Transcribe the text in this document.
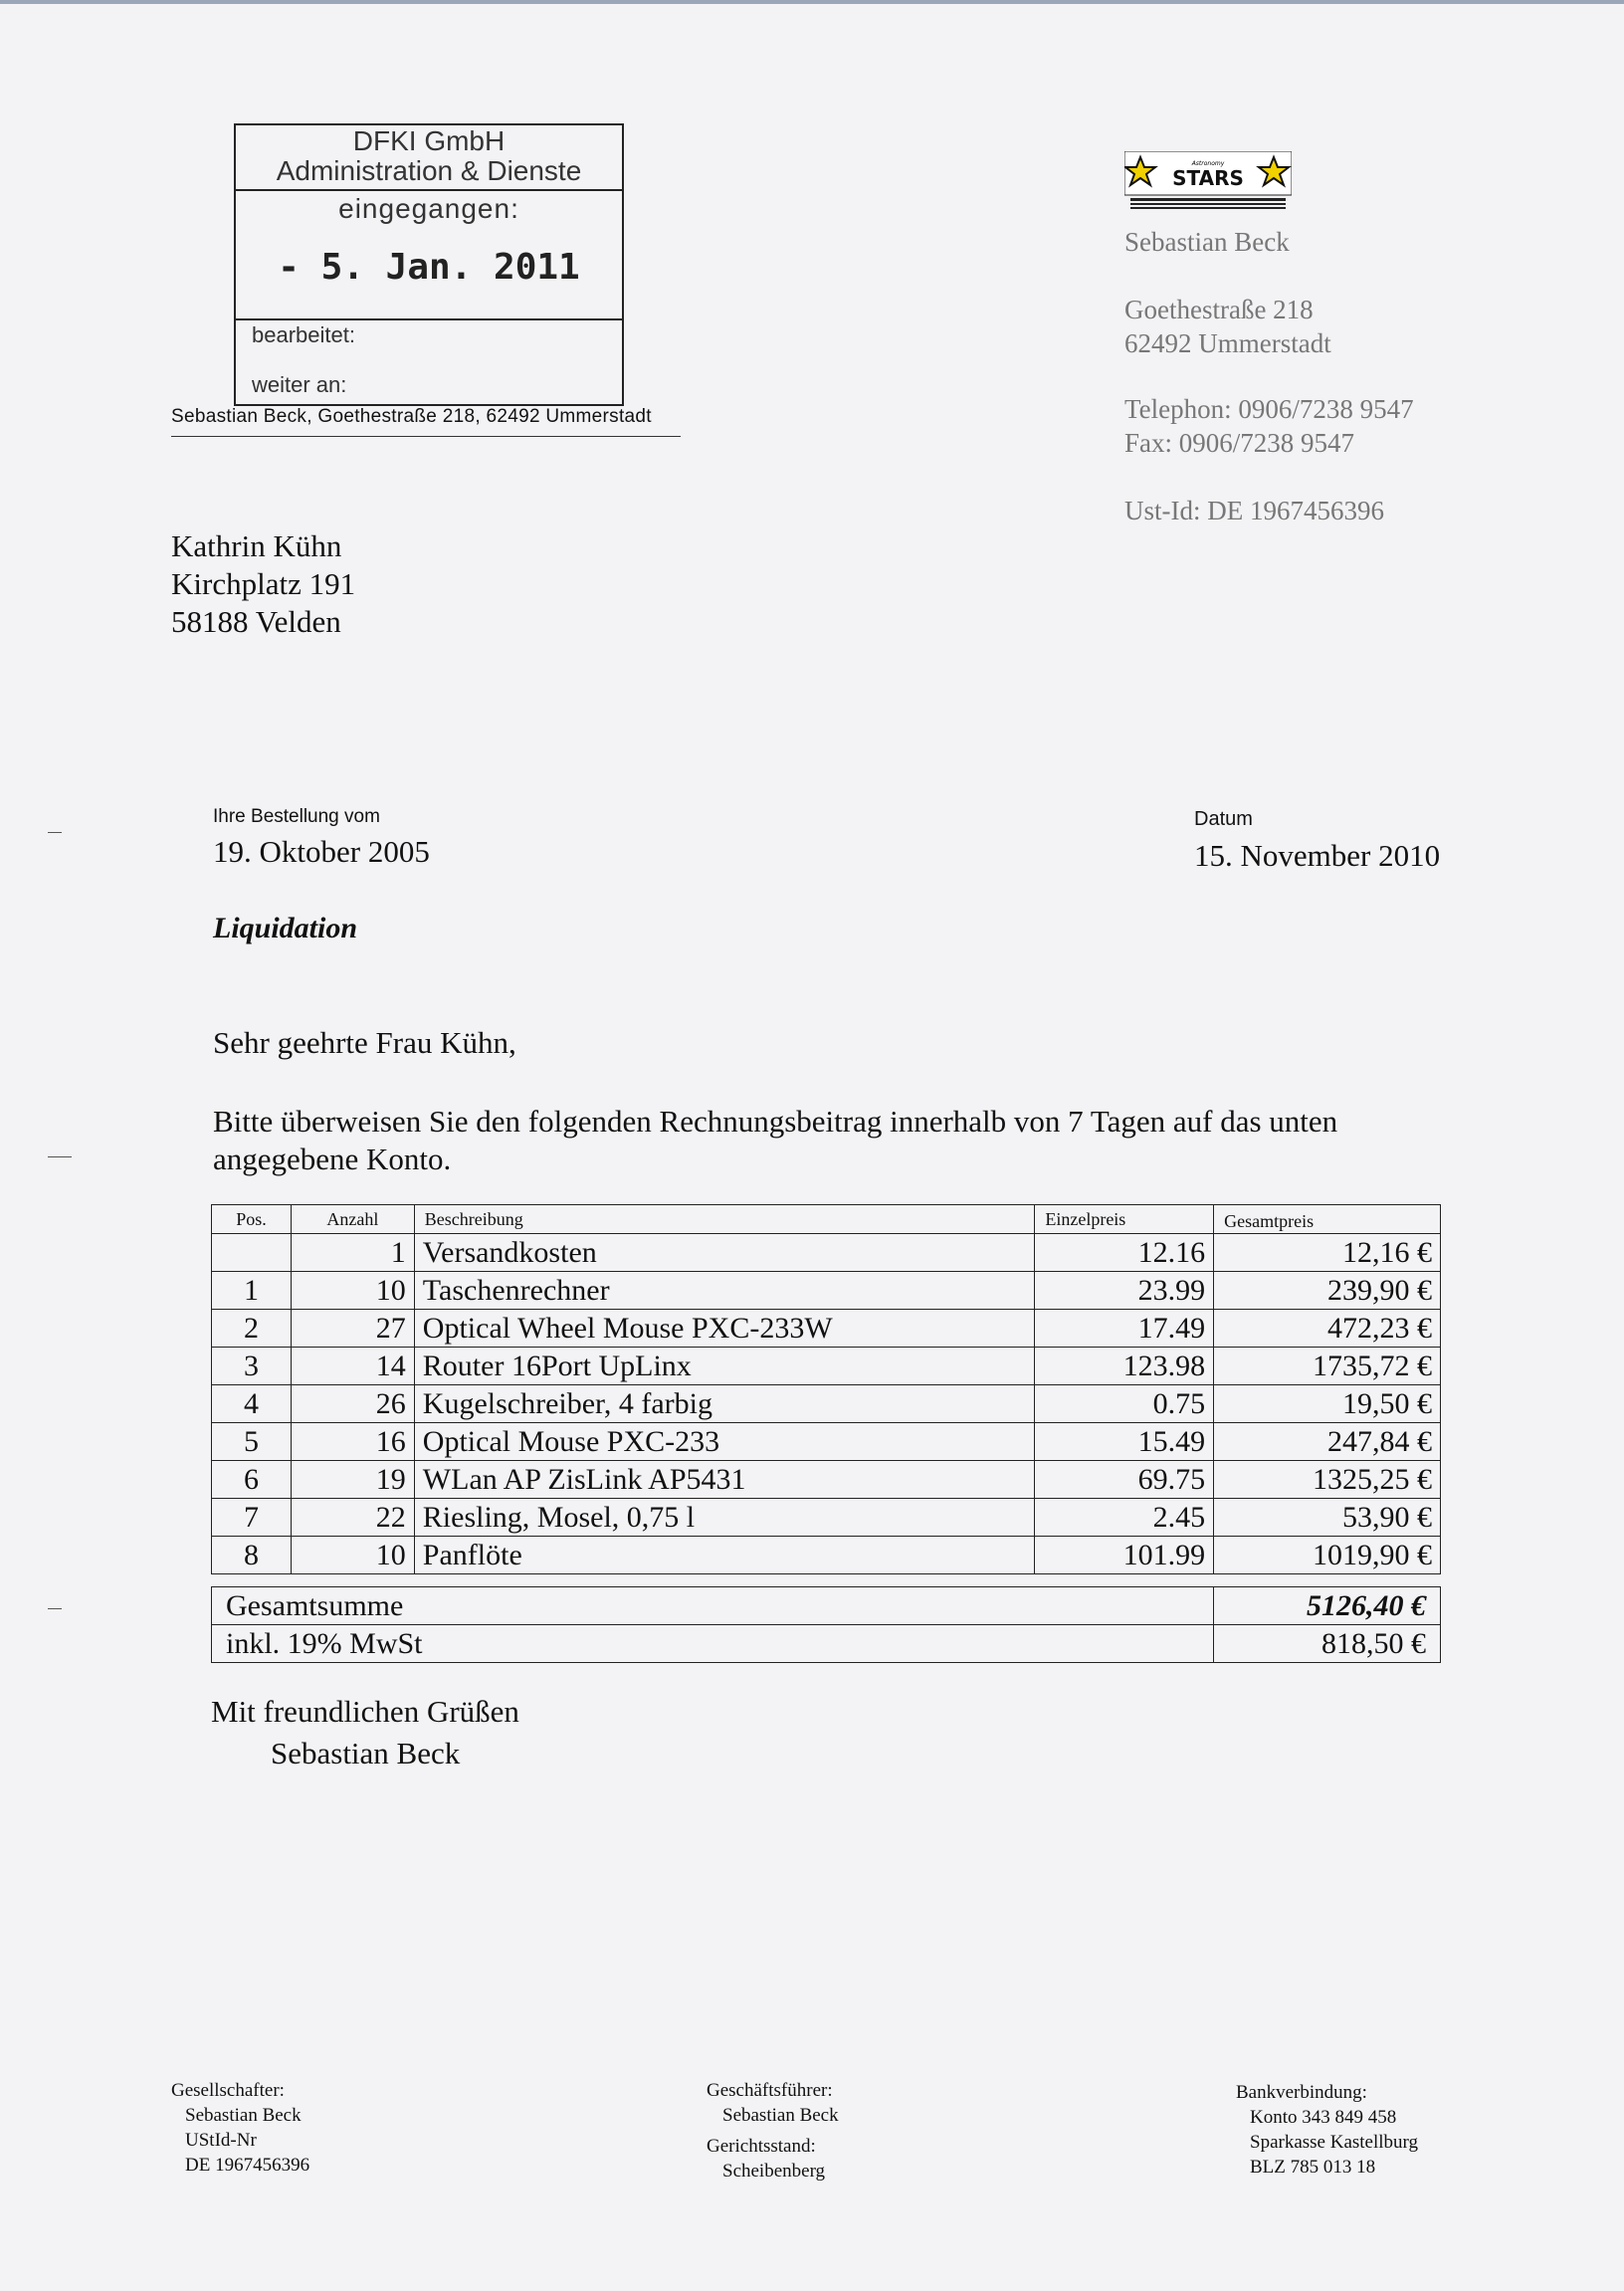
DFKI GmbH
Administration & Dienste
eingegangen:
- 5. Jan. 2011
bearbeitet:
weiter an:
Sebastian Beck, Goethestraße 218, 62492 Ummerstadt
Astronomy
STARS
Sebastian Beck
Goethestraße 218
62492 Ummerstadt
Telephon: 0906/7238 9547
Fax: 0906/7238 9547
Ust-Id: DE 1967456396
Kathrin Kühn
Kirchplatz 191
58188 Velden
Ihre Bestellung vom
19. Oktober 2005
Datum
15. November 2010
Liquidation
Sehr geehrte Frau Kühn,
Bitte überweisen Sie den folgenden Rechnungsbeitrag innerhalb von 7 Tagen auf das unten
angegebene Konto.
Pos.	Anzahl	Beschreibung	Einzelpreis	Gesamtpreis
	1	Versandkosten	12.16	12,16 €
1	10	Taschenrechner	23.99	239,90 €
2	27	Optical Wheel Mouse PXC-233W	17.49	472,23 €
3	14	Router 16Port UpLinx	123.98	1735,72 €
4	26	Kugelschreiber, 4 farbig	0.75	19,50 €
5	16	Optical Mouse PXC-233	15.49	247,84 €
6	19	WLan AP ZisLink AP5431	69.75	1325,25 €
7	22	Riesling, Mosel, 0,75 l	2.45	53,90 €
8	10	Panflöte	101.99	1019,90 €
Gesamtsumme	5126,40 €
inkl. 19% MwSt	818,50 €
Mit freundlichen Grüßen
Sebastian Beck
Gesellschafter:
Sebastian Beck
UStId-Nr
DE 1967456396
Geschäftsführer:
Sebastian Beck
Gerichtsstand:
Scheibenberg
Bankverbindung:
Konto 343 849 458
Sparkasse Kastellburg
BLZ 785 013 18
